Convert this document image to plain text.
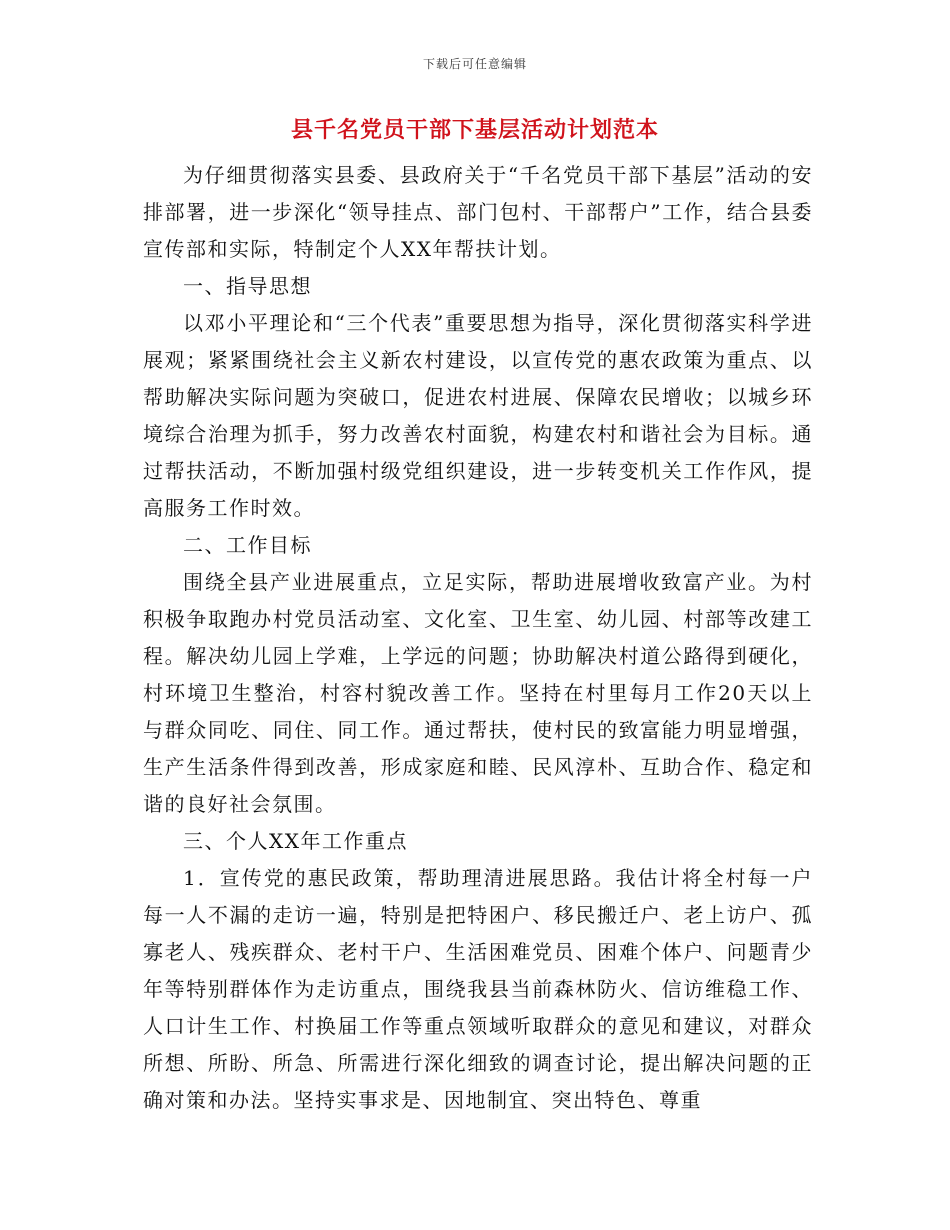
下载后可任意编辑
县千名党员干部下基层活动计划范本

为仔细贯彻落实县委、县政府关于“千名党员干部下基层”活动的安排部署，进一步深化“领导挂点、部门包村、干部帮户”工作，结合县委宣传部和实际，特制定个人XX年帮扶计划。

一、指导思想

以邓小平理论和“三个代表”重要思想为指导，深化贯彻落实科学进展观；紧紧围绕社会主义新农村建设，以宣传党的惠农政策为重点、以帮助解决实际问题为突破口，促进农村进展、保障农民增收；以城乡环境综合治理为抓手，努力改善农村面貌，构建农村和谐社会为目标。通过帮扶活动，不断加强村级党组织建设，进一步转变机关工作作风，提高服务工作时效。

二、工作目标

围绕全县产业进展重点，立足实际，帮助进展增收致富产业。为村积极争取跑办村党员活动室、文化室、卫生室、幼儿园、村部等改建工程。解决幼儿园上学难，上学远的问题；协助解决村道公路得到硬化，村环境卫生整治，村容村貌改善工作。坚持在村里每月工作20天以上与群众同吃、同住、同工作。通过帮扶，使村民的致富能力明显增强，生产生活条件得到改善，形成家庭和睦、民风淳朴、互助合作、稳定和谐的良好社会氛围。

三、个人XX年工作重点

1．宣传党的惠民政策，帮助理清进展思路。我估计将全村每一户每一人不漏的走访一遍，特别是把特困户、移民搬迁户、老上访户、孤寡老人、残疾群众、老村干户、生活困难党员、困难个体户、问题青少年等特别群体作为走访重点，围绕我县当前森林防火、信访维稳工作、人口计生工作、村换届工作等重点领域听取群众的意见和建议，对群众所想、所盼、所急、所需进行深化细致的调查讨论，提出解决问题的正确对策和办法。坚持实事求是、因地制宜、突出特色、尊重
